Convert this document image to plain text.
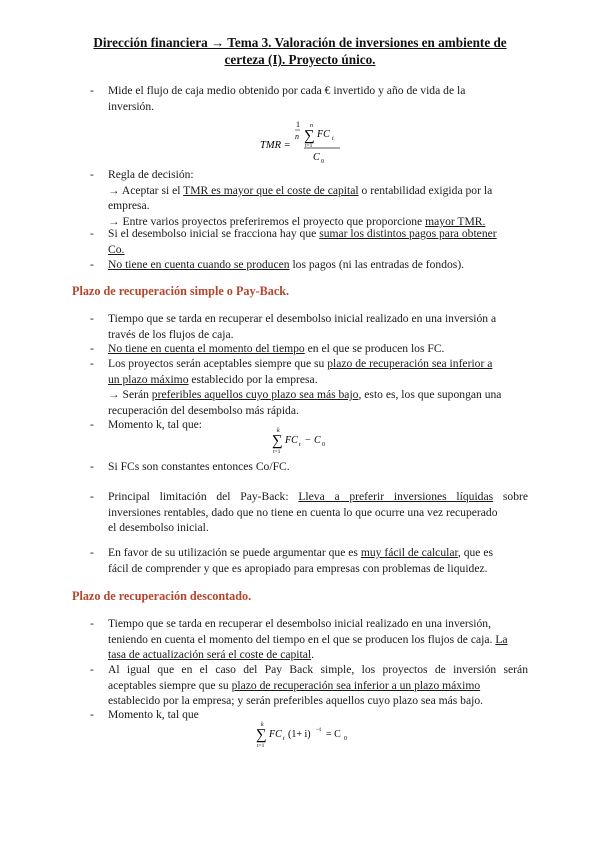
Dirección financiera → Tema 3. Valoración de inversiones en ambiente de
certeza (I). Proyecto único.
- Mide el flujo de caja medio obtenido por cada € invertido y año de vida de la
inversión.
TMR =
1
n
n
∑
t=1
FC t
C 0
- Regla de decisión:
→ Aceptar si el TMR es mayor que el coste de capital o rentabilidad exigida por la
empresa.
→ Entre varios proyectos preferiremos el proyecto que proporcione mayor TMR.
- Si el desembolso inicial se fracciona hay que sumar los distintos pagos para obtener
Co.
- No tiene en cuenta cuando se producen los pagos (ni las entradas de fondos).
Plazo de recuperación simple o Pay-Back.
- Tiempo que se tarda en recuperar el desembolso inicial realizado en una inversión a
través de los flujos de caja.
- No tiene en cuenta el momento del tiempo en el que se producen los FC.
- Los proyectos serán aceptables siempre que su plazo de recuperación sea inferior a
un plazo máximo establecido por la empresa.
→ Serán preferibles aquellos cuyo plazo sea más bajo, esto es, los que supongan una
recuperación del desembolso más rápida.
- Momento k, tal que:	k
∑
t=1
FC t − C 0
- Si FCs son constantes entonces Co/FC.
- Principal limitación del Pay-Back: Lleva a preferir inversiones líquidas sobre
inversiones rentables, dado que no tiene en cuenta lo que ocurre una vez recuperado
el desembolso inicial.
- En favor de su utilización se puede argumentar que es muy fácil de calcular, que es
fácil de comprender y que es apropiado para empresas con problemas de liquidez.
Plazo de recuperación descontado.
- Tiempo que se tarda en recuperar el desembolso inicial realizado en una inversión,
teniendo en cuenta el momento del tiempo en el que se producen los flujos de caja. La
tasa de actualización será el coste de capital.
- Al igual que en el caso del Pay Back simple, los proyectos de inversión serán
aceptables siempre que su plazo de recuperación sea inferior a un plazo máximo
establecido por la empresa; y serán preferibles aquellos cuyo plazo sea más bajo.
- Momento k, tal que
k
∑
t=1
FC t (1+ i) −t = C 0
